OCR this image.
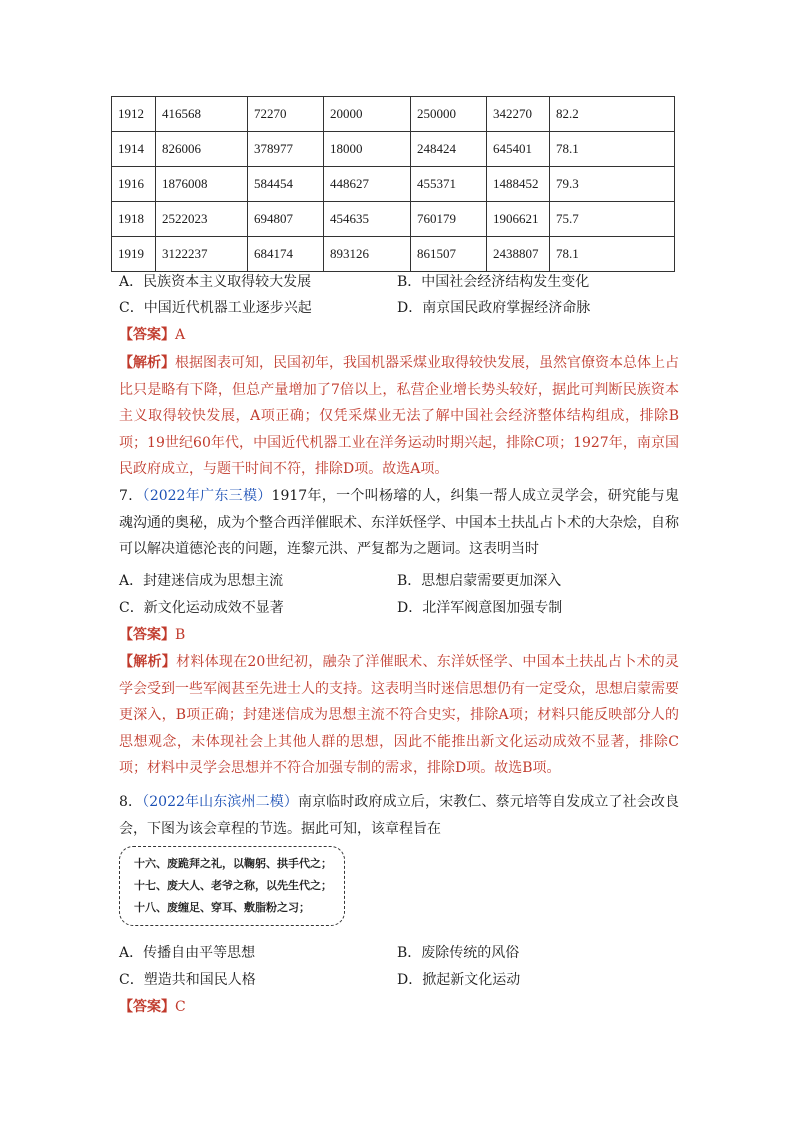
1912	416568	72270	20000	250000	342270	82.2
1914	826006	378977	18000	248424	645401	78.1
1916	1876008	584454	448627	455371	1488452	79.3
1918	2522023	694807	454635	760179	1906621	75.7
1919	3122237	684174	893126	861507	2438807	78.1
A．民族资本主义取得较大发展	B．中国社会经济结构发生变化
C．中国近代机器工业逐步兴起	D．南京国民政府掌握经济命脉
【答案】A
【解析】根据图表可知，民国初年，我国机器采煤业取得较快发展，虽然官僚资本总体上占比只是略有下降，但总产量增加了7倍以上，私营企业增长势头较好，据此可判断民族资本主义取得较快发展，A项正确；仅凭采煤业无法了解中国社会经济整体结构组成，排除B项；19世纪60年代，中国近代机器工业在洋务运动时期兴起，排除C项；1927年，南京国民政府成立，与题干时间不符，排除D项。故选A项。
7．（2022年广东三模）1917年，一个叫杨璿的人，纠集一帮人成立灵学会，研究能与鬼魂沟通的奥秘，成为个整合西洋催眠术、东洋妖怪学、中国本土扶乩占卜术的大杂烩，自称可以解决道德沦丧的问题，连黎元洪、严复都为之题词。这表明当时
A．封建迷信成为思想主流	B．思想启蒙需要更加深入
C．新文化运动成效不显著	D．北洋军阀意图加强专制
【答案】B
【解析】材料体现在20世纪初，融杂了洋催眠术、东洋妖怪学、中国本土扶乩占卜术的灵学会受到一些军阀甚至先进士人的支持。这表明当时迷信思想仍有一定受众，思想启蒙需要更深入，B项正确；封建迷信成为思想主流不符合史实，排除A项；材料只能反映部分人的思想观念，未体现社会上其他人群的思想，因此不能推出新文化运动成效不显著，排除C项；材料中灵学会思想并不符合加强专制的需求，排除D项。故选B项。
8．（2022年山东滨州二模）南京临时政府成立后，宋教仁、蔡元培等自发成立了社会改良会，下图为该会章程的节选。据此可知，该章程旨在
十六、废跪拜之礼，以鞠躬、拱手代之；
十七、废大人、老爷之称，以先生代之；
十八、废缠足、穿耳、敷脂粉之习；
A．传播自由平等思想	B．废除传统的风俗
C．塑造共和国民人格	D．掀起新文化运动
【答案】C
